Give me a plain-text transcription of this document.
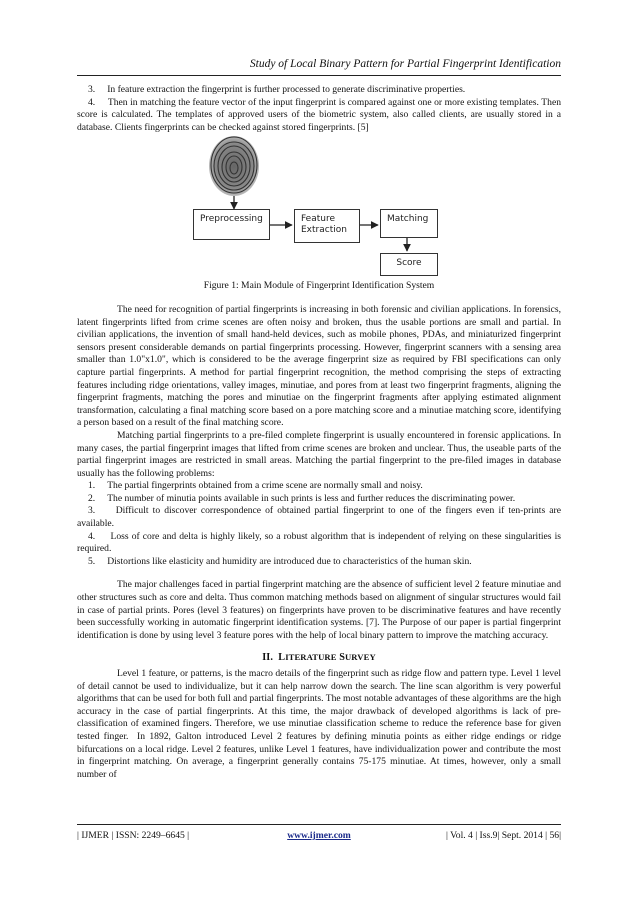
Study of Local Binary Pattern for Partial Fingerprint Identification

3.     In feature extraction the fingerprint is further processed to generate discriminative properties.

4.     Then in matching the feature vector of the input fingerprint is compared against one or more existing templates. Then score is calculated. The templates of approved users of the biometric system, also called clients, are usually stored in a database. Clients fingerprints can be checked against stored fingerprints. [5]

Preprocessing	Feature Extraction
Matching
Score

Figure 1: Main Module of Fingerprint Identification System

The need for recognition of partial fingerprints is increasing in both forensic and civilian applications. In forensics, latent fingerprints lifted from crime scenes are often noisy and broken, thus the usable portions are small and partial. In civilian applications, the invention of small hand-held devices, such as mobile phones, PDAs, and miniaturized fingerprint sensors present considerable demands on partial fingerprints processing. However, fingerprint scanners with a sensing area smaller than 1.0"x1.0", which is considered to be the average fingerprint size as required by FBI specifications can only capture partial fingerprints. A method for partial fingerprint recognition, the method comprising the steps of extracting features including ridge orientations, valley images, minutiae, and pores from at least two fingerprint fragments, aligning the fingerprint fragments, matching the pores and minutiae on the fingerprint fragments after applying estimated alignment transformation, calculating a final matching score based on a pore matching score and a minutiae matching score, identifying a person based on a result of the final matching score.

Matching partial fingerprints to a pre-filed complete fingerprint is usually encountered in forensic applications. In many cases, the partial fingerprint images that lifted from crime scenes are broken and unclear. Thus, the useable parts of the partial fingerprint images are restricted in small areas. Matching the partial fingerprint to the pre-filed images in database usually has the following problems:

1.     The partial fingerprints obtained from a crime scene are normally small and noisy.

2.     The number of minutia points available in such prints is less and further reduces the discriminating power.

3.     Difficult to discover correspondence of obtained partial fingerprint to one of the fingers even if ten-prints are available.

4.     Loss of core and delta is highly likely, so a robust algorithm that is independent of relying on these singularities is required.

5.     Distortions like elasticity and humidity are introduced due to characteristics of the human skin.

The major challenges faced in partial fingerprint matching are the absence of sufficient level 2 feature minutiae and other structures such as core and delta. Thus common matching methods based on alignment of singular structures would fail in case of partial prints. Pores (level 3 features) on fingerprints have proven to be discriminative features and have recently been successfully working in automatic fingerprint identification systems. [7]. The Purpose of our paper is partial fingerprint identification is done by using level 3 feature pores with the help of local binary pattern to improve the matching accuracy.

II. LITERATURE SURVEY

Level 1 feature, or patterns, is the macro details of the fingerprint such as ridge flow and pattern type. Level 1 level of detail cannot be used to individualize, but it can help narrow down the search. The line scan algorithm is very powerful algorithms that can be used for both full and partial fingerprints. The most notable advantages of these algorithms are the high accuracy in the case of partial fingerprints. At this time, the major drawback of developed algorithms is lack of pre-classification of examined fingers. Therefore, we use minutiae classification scheme to reduce the reference base for given tested finger.  In 1892, Galton introduced Level 2 features by defining minutia points as either ridge endings or ridge bifurcations on a local ridge. Level 2 features, unlike Level 1 features, have individualization power and contribute the most in fingerprint matching. On average, a fingerprint generally contains 75-175 minutiae. At times, however, only a small number of

| IJMER | ISSN: 2249–6645 |	www.ijmer.com	| Vol. 4 | Iss.9| Sept. 2014 | 56|
